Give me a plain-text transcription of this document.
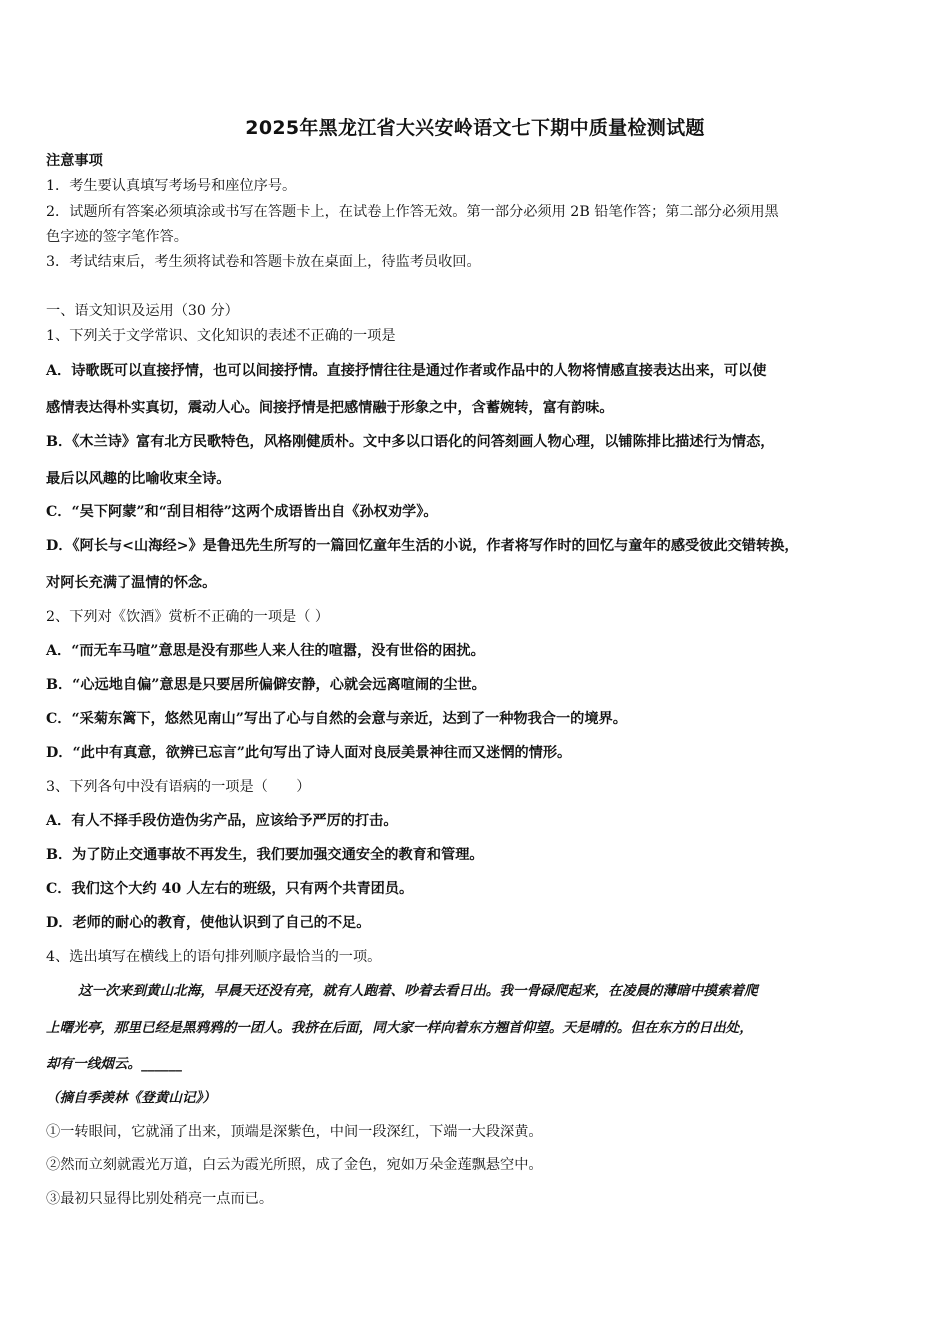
2025年黑龙江省大兴安岭语文七下期中质量检测试题
注意事项
1．考生要认真填写考场号和座位序号。
2．试题所有答案必须填涂或书写在答题卡上，在试卷上作答无效。第一部分必须用 2B 铅笔作答；第二部分必须用黑
色字迹的签字笔作答。
3．考试结束后，考生须将试卷和答题卡放在桌面上，待监考员收回。
一、语文知识及运用（30 分）
1、下列关于文学常识、文化知识的表述不正确的一项是
A．诗歌既可以直接抒情，也可以间接抒情。直接抒情往往是通过作者或作品中的人物将情感直接表达出来，可以使
感情表达得朴实真切，震动人心。间接抒情是把感情融于形象之中，含蓄婉转，富有韵味。
B．《木兰诗》富有北方民歌特色，风格刚健质朴。文中多以口语化的问答刻画人物心理，以铺陈排比描述行为情态，
最后以风趣的比喻收束全诗。
C．“吴下阿蒙”和“刮目相待”这两个成语皆出自《孙权劝学》。
D．《阿长与<山海经>》是鲁迅先生所写的一篇回忆童年生活的小说，作者将写作时的回忆与童年的感受彼此交错转换，
对阿长充满了温情的怀念。
2、下列对《饮酒》赏析不正确的一项是（ ）
A．“而无车马喧”意思是没有那些人来人往的喧嚣，没有世俗的困扰。
B．“心远地自偏”意思是只要居所偏僻安静，心就会远离喧闹的尘世。
C．“采菊东篱下，悠然见南山”写出了心与自然的会意与亲近，达到了一种物我合一的境界。
D．“此中有真意，欲辨已忘言”此句写出了诗人面对良辰美景神往而又迷惘的情形。
3、下列各句中没有语病的一项是（　　）
A．有人不择手段仿造伪劣产品，应该给予严厉的打击。
B．为了防止交通事故不再发生，我们要加强交通安全的教育和管理。
C．我们这个大约 40 人左右的班级，只有两个共青团员。
D．老师的耐心的教育，使他认识到了自己的不足。
4、选出填写在横线上的语句排列顺序最恰当的一项。
这一次来到黄山北海，早晨天还没有亮，就有人跑着、吵着去看日出。我一骨碌爬起来，在凌晨的薄暗中摸索着爬
上曙光亭，那里已经是黑鸦鸦的一团人。我挤在后面，同大家一样向着东方翘首仰望。天是晴的。但在东方的日出处，
却有一线烟云。______
（摘自季羡林《登黄山记》）
①一转眼间，它就涌了出来，顶端是深紫色，中间一段深红，下端一大段深黄。
②然而立刻就霞光万道，白云为霞光所照，成了金色，宛如万朵金莲飘悬空中。
③最初只显得比别处稍亮一点而已。
